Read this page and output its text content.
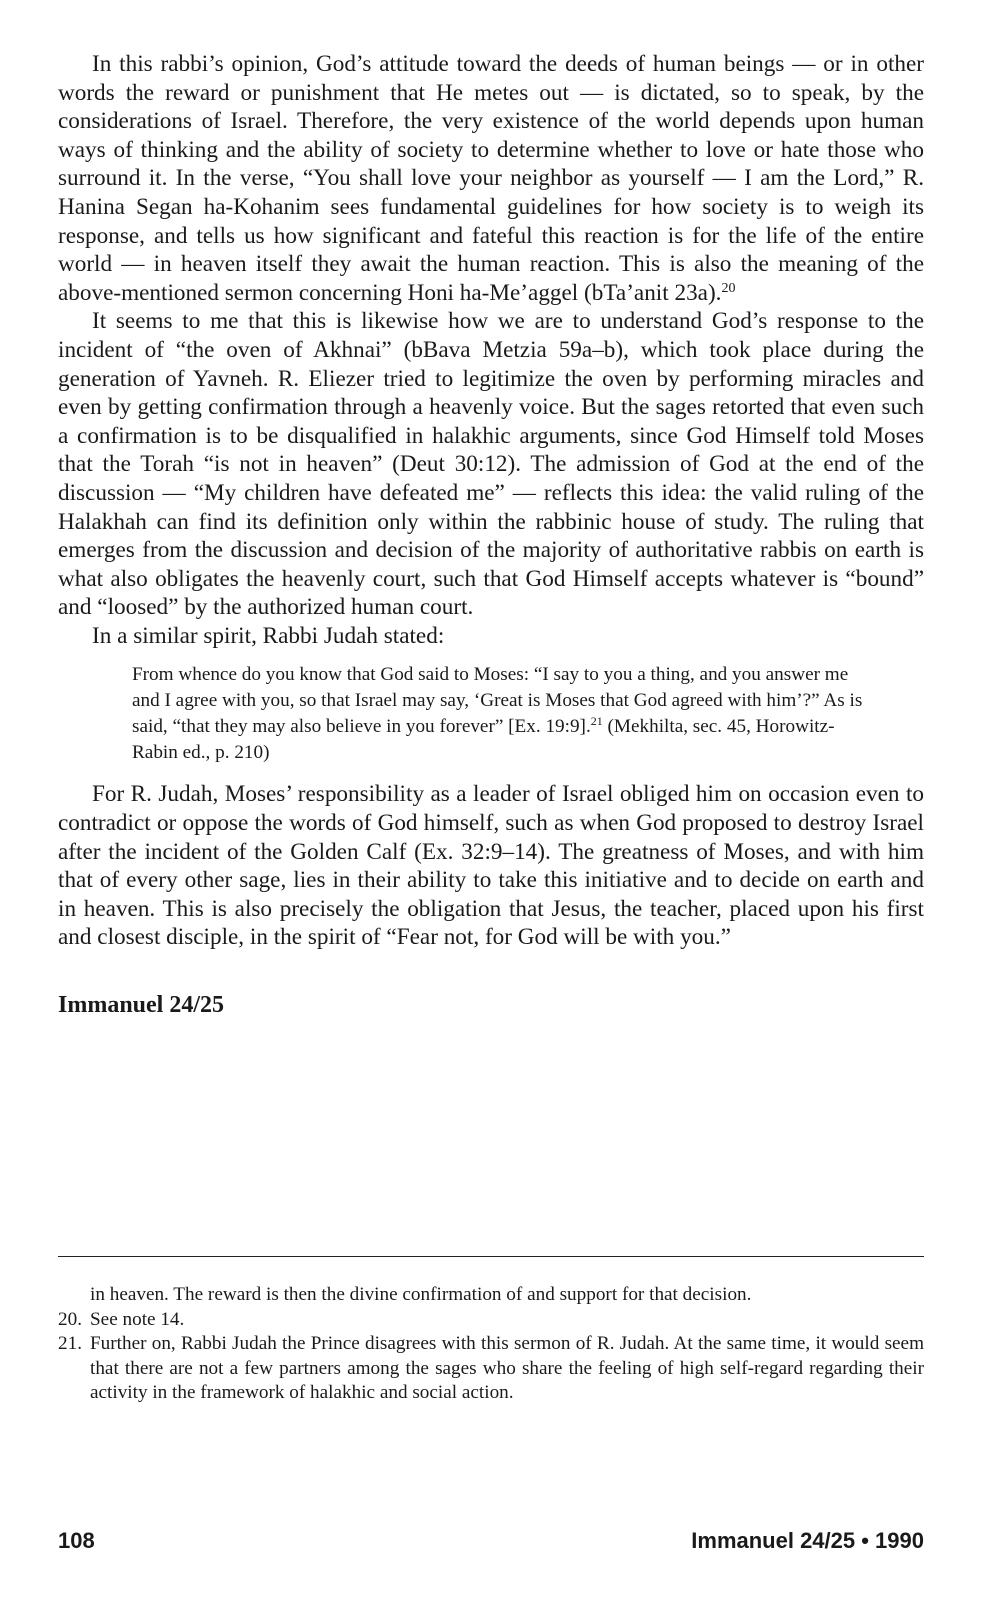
In this rabbi’s opinion, God’s attitude toward the deeds of human beings — or in other words the reward or punishment that He metes out — is dictated, so to speak, by the considerations of Israel. Therefore, the very existence of the world depends upon human ways of thinking and the ability of society to determine whether to love or hate those who surround it. In the verse, “You shall love your neighbor as yourself — I am the Lord,” R. Hanina Segan ha-Kohanim sees fundamental guidelines for how society is to weigh its response, and tells us how significant and fateful this reaction is for the life of the entire world — in heaven itself they await the human reaction. This is also the meaning of the above-mentioned sermon concerning Honi ha-Me’aggel (bTa’anit 23a).$^{20}$

It seems to me that this is likewise how we are to understand God’s response to the incident of “the oven of Akhnai” (bBava Metzia 59a–b), which took place during the generation of Yavneh. R. Eliezer tried to legitimize the oven by performing miracles and even by getting confirmation through a heavenly voice. But the sages retorted that even such a confirmation is to be disqualified in halakhic arguments, since God Himself told Moses that the Torah “is not in heaven” (Deut 30:12). The admission of God at the end of the discussion — “My children have defeated me” — reflects this idea: the valid ruling of the Halakhah can find its definition only within the rabbinic house of study. The ruling that emerges from the discussion and decision of the majority of authoritative rabbis on earth is what also obligates the heavenly court, such that God Himself accepts whatever is “bound” and “loosed” by the authorized human court.

In a similar spirit, Rabbi Judah stated:

From whence do you know that God said to Moses: “I say to you a thing, and you answer me and I agree with you, so that Israel may say, ‘Great is Moses that God agreed with him’?” As is said, “that they may also believe in you forever” [Ex. 19:9].$^{21}$ (Mekhilta, sec. 45, Horowitz-Rabin ed., p. 210)

For R. Judah, Moses’ responsibility as a leader of Israel obliged him on occasion even to contradict or oppose the words of God himself, such as when God proposed to destroy Israel after the incident of the Golden Calf (Ex. 32:9–14). The greatness of Moses, and with him that of every other sage, lies in their ability to take this initiative and to decide on earth and in heaven. This is also precisely the obligation that Jesus, the teacher, placed upon his first and closest disciple, in the spirit of “Fear not, for God will be with you.”

Immanuel 24/25
in heaven. The reward is then the divine confirmation of and support for that decision.
20. See note 14.
21. Further on, Rabbi Judah the Prince disagrees with this sermon of R. Judah. At the same time, it would seem that there are not a few partners among the sages who share the feeling of high self-regard regarding their activity in the framework of halakhic and social action.
108	Immanuel 24/25 • 1990
